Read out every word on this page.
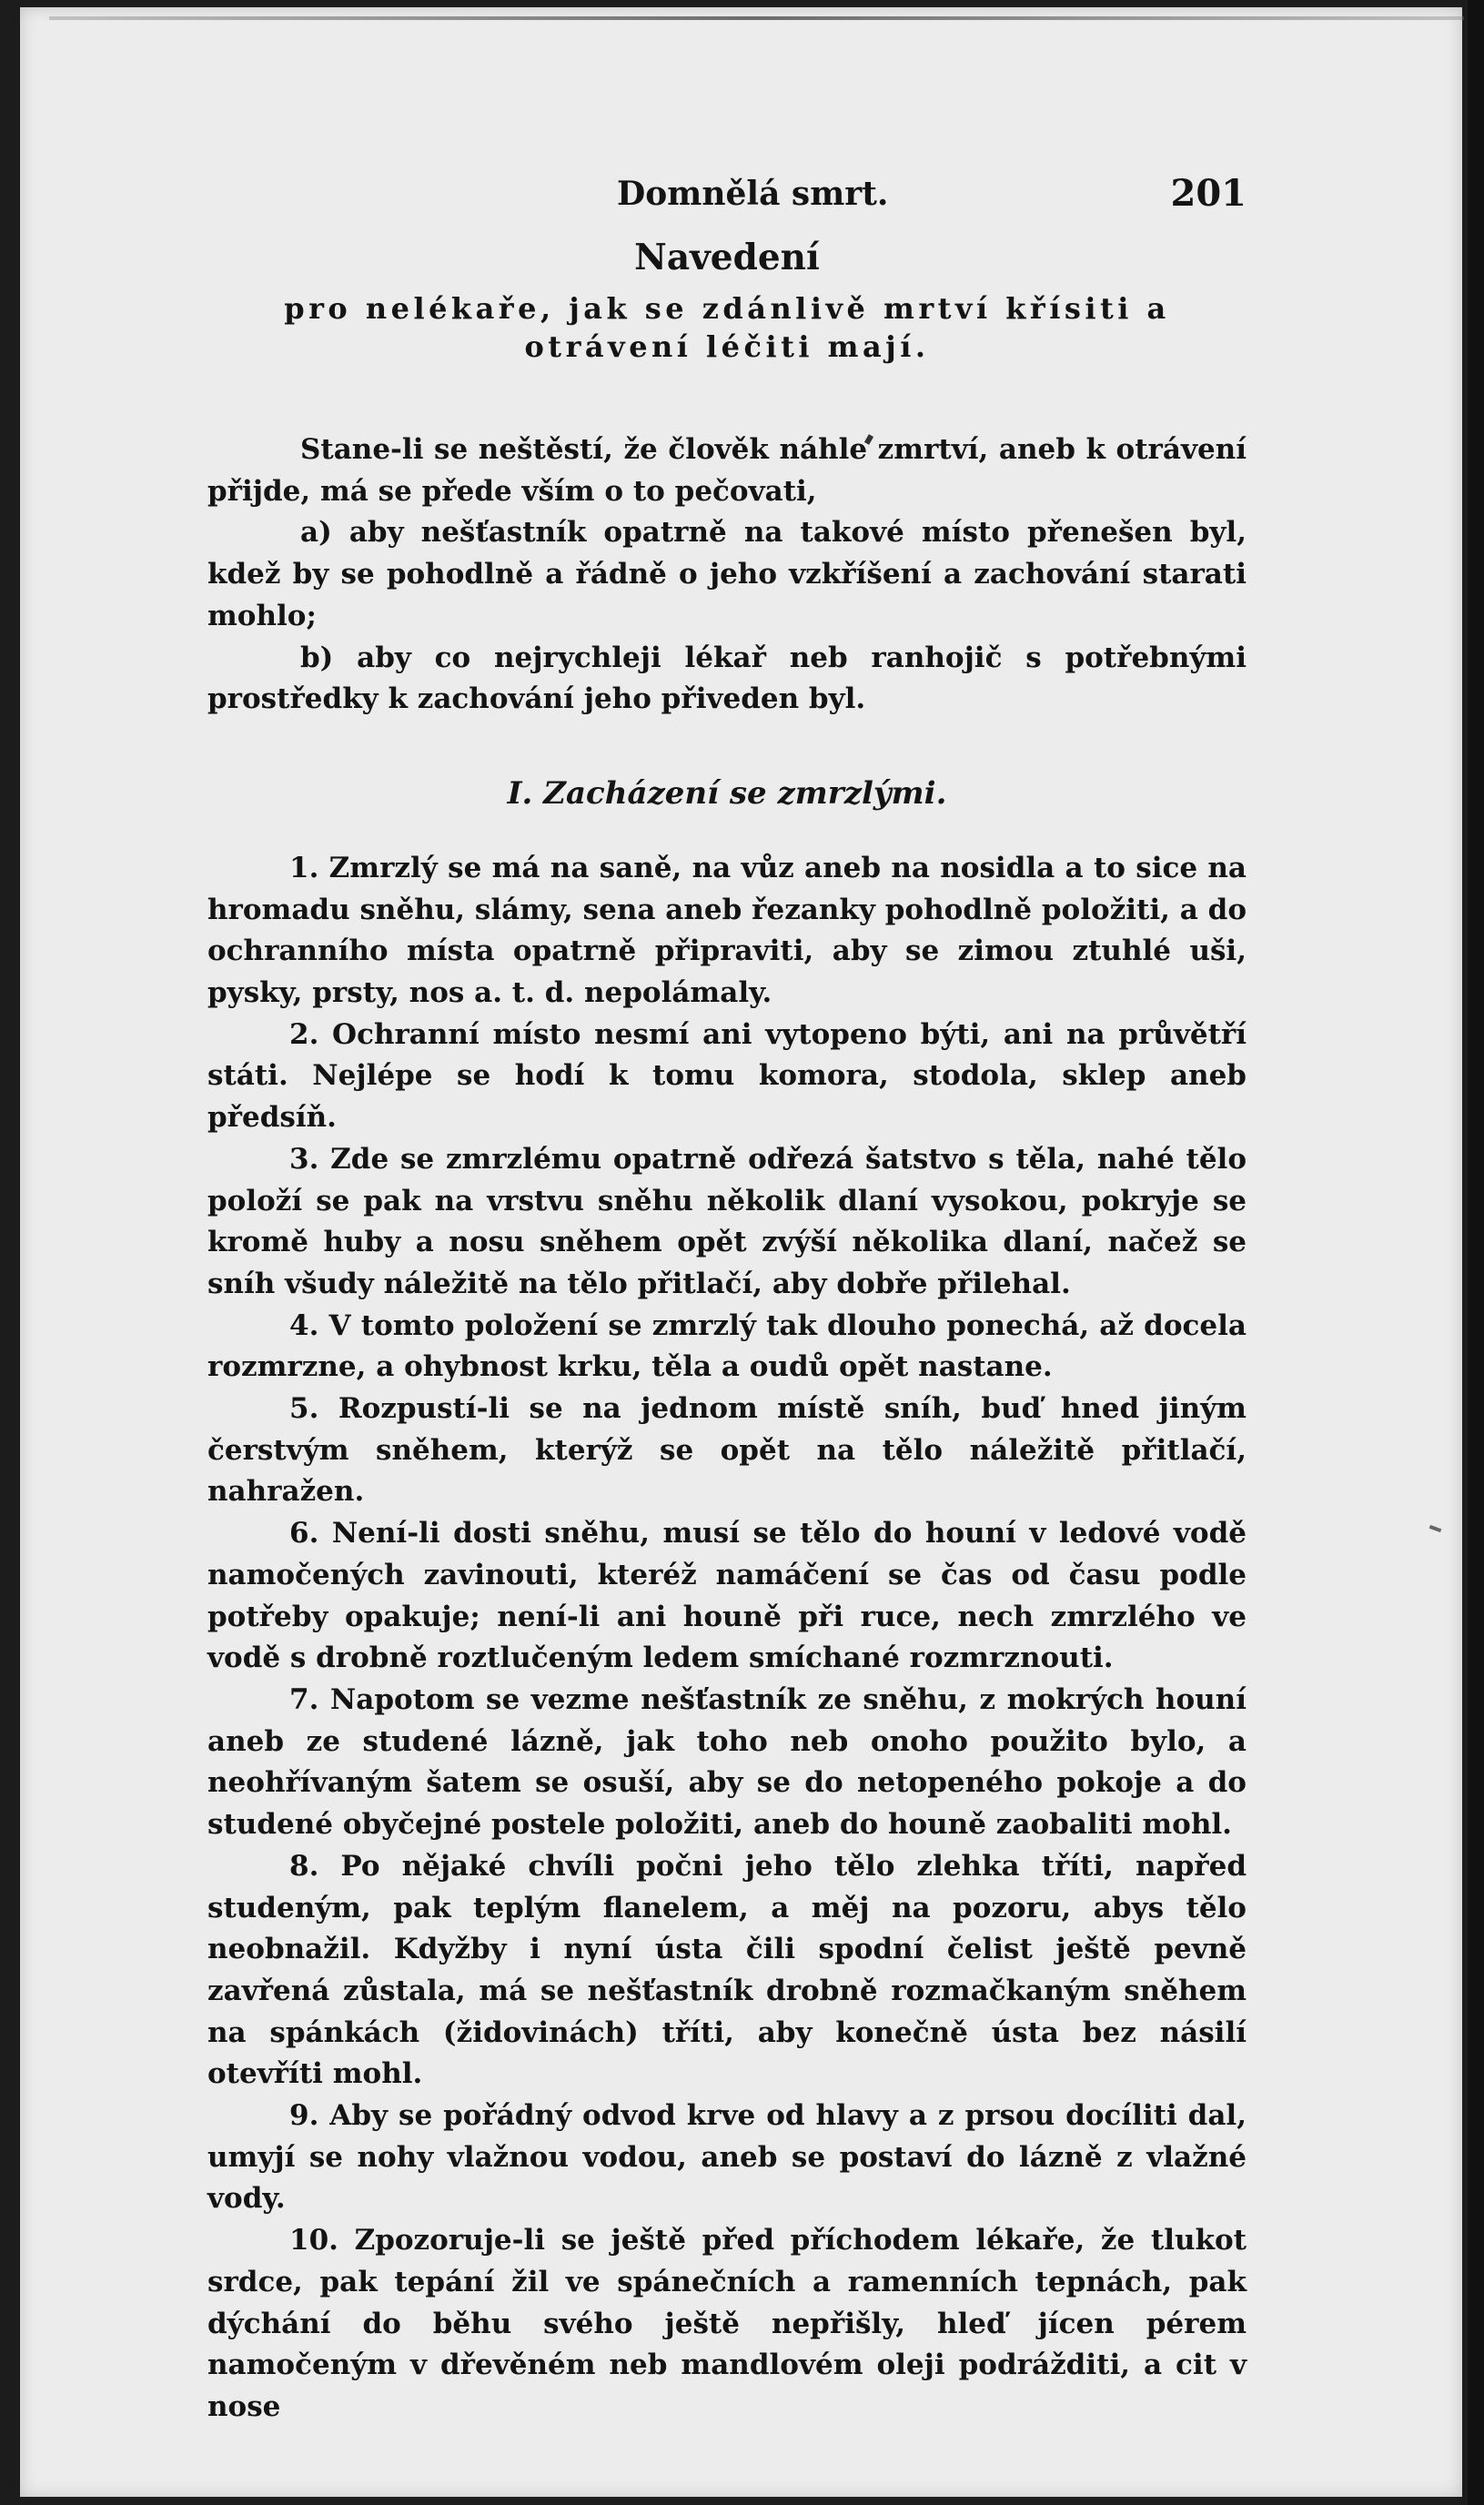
Domnělá smrt.	201
Navedení
pro nelékaře, jak se zdánlivě mrtví křísiti a otrávení léčiti mají.

Stane-li se neštěstí, že člověk náhle zmrtví, aneb k otrávení přijde, má se přede vším o to pečovati,

a) aby nešťastník opatrně na takové místo přenešen byl, kdež by se pohodlně a řádně o jeho vzkříšení a zachování starati mohlo;

b) aby co nejrychleji lékař neb ranhojič s potřebnými prostředky k zachování jeho přiveden byl.

I. Zacházení se zmrzlými.

1. Zmrzlý se má na saně, na vůz aneb na nosidla a to sice na hromadu sněhu, slámy, sena aneb řezanky pohodlně položiti, a do ochranního místa opatrně připraviti, aby se zimou ztuhlé uši, pysky, prsty, nos a. t. d. nepolámaly.

2. Ochranní místo nesmí ani vytopeno býti, ani na průvětří státi. Nejlépe se hodí k tomu komora, stodola, sklep aneb předsíň.

3. Zde se zmrzlému opatrně odřezá šatstvo s těla, nahé tělo položí se pak na vrstvu sněhu několik dlaní vysokou, pokryje se kromě huby a nosu sněhem opět zvýší několika dlaní, načež se sníh všudy náležitě na tělo přitlačí, aby dobře přilehal.

4. V tomto položení se zmrzlý tak dlouho ponechá, až docela rozmrzne, a ohybnost krku, těla a oudů opět nastane.

5. Rozpustí-li se na jednom místě sníh, buď hned jiným čerstvým sněhem, kterýž se opět na tělo náležitě přitlačí, nahražen.

6. Není-li dosti sněhu, musí se tělo do houní v ledové vodě namočených zavinouti, kteréž namáčení se čas od času podle potřeby opakuje; není-li ani houně při ruce, nech zmrzlého ve vodě s drobně roztlučeným ledem smíchané rozmrznouti.

7. Napotom se vezme nešťastník ze sněhu, z mokrých houní aneb ze studené lázně, jak toho neb onoho použito bylo, a neohřívaným šatem se osuší, aby se do netopeného pokoje a do studené obyčejné postele položiti, aneb do houně zaobaliti mohl.

8. Po nějaké chvíli počni jeho tělo zlehka tříti, napřed studeným, pak teplým flanelem, a měj na pozoru, abys tělo neobnažil. Kdyžby i nyní ústa čili spodní čelist ještě pevně zavřená zůstala, má se nešťastník drobně rozmačkaným sněhem na spánkách (židovinách) tříti, aby konečně ústa bez násilí otevříti mohl.

9. Aby se pořádný odvod krve od hlavy a z prsou docíliti dal, umyjí se nohy vlažnou vodou, aneb se postaví do lázně z vlažné vody.

10. Zpozoruje-li se ještě před příchodem lékaře, že tlukot srdce, pak tepání žil ve spánečních a ramenních tepnách, pak dýchání do běhu svého ještě nepřišly, hleď jícen pérem namočeným v dřevěném neb mandlovém oleji podrážditi, a cit v nose
